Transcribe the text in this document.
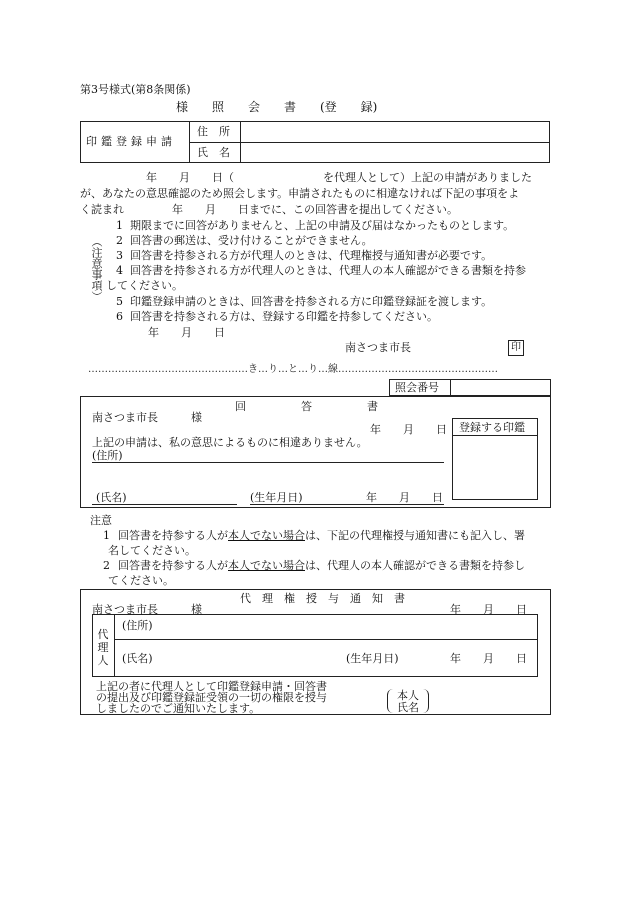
第3号様式(第8条関係)
様　　照　　会　　書　　(登　　録)
印鑑登録申請
住　所
氏　名
年　　月　　日（	を代理人として）上記の申請がありました
が、あなたの意思確認のため照会します。申請されたものに相違なければ下記の事項をよ
く読まれ	年　　月　　日までに、この回答書を提出してください。
（注意事項）
1 期限までに回答がありませんと、上記の申請及び届はなかったものとします。
2 回答書の郵送は、受け付けることができません。
3 回答書を持参される方が代理人のときは、代理権授与通知書が必要です。
4 回答書を持参される方が代理人のときは、代理人の本人確認ができる書類を持参
してください。
5 印鑑登録申請のときは、回答書を持参される方に印鑑登録証を渡します。
6 回答書を持参される方は、登録する印鑑を持参してください。
年　　月　　日
南さつま市長	印
…………………………………………き…り…と…り…線…………………………………………
照会番号
回　　　　　答　　　　　書
南さつま市長　　　様
年　　月　　日
上記の申請は、私の意思によるものに相違ありません。
(住所)
(氏名)	(生年月日)	年　　月　　日
登録する印鑑
注意
1 回答書を持参する人が本人でない場合は、下記の代理権授与通知書にも記入し、署
名してください。
2 回答書を持参する人が本人でない場合は、代理人の本人確認ができる書類を持参し
てください。
代　理　権　授　与　通　知　書
南さつま市長　　　様	年　　月　　日
代理人
(住所)
(氏名)	(生年月日)	年　　月　　日
上記の者に代理人として印鑑登録申請・回答書
の提出及び印鑑登録証受領の一切の権限を授与
しましたのでご通知いたします。
本人
氏名
